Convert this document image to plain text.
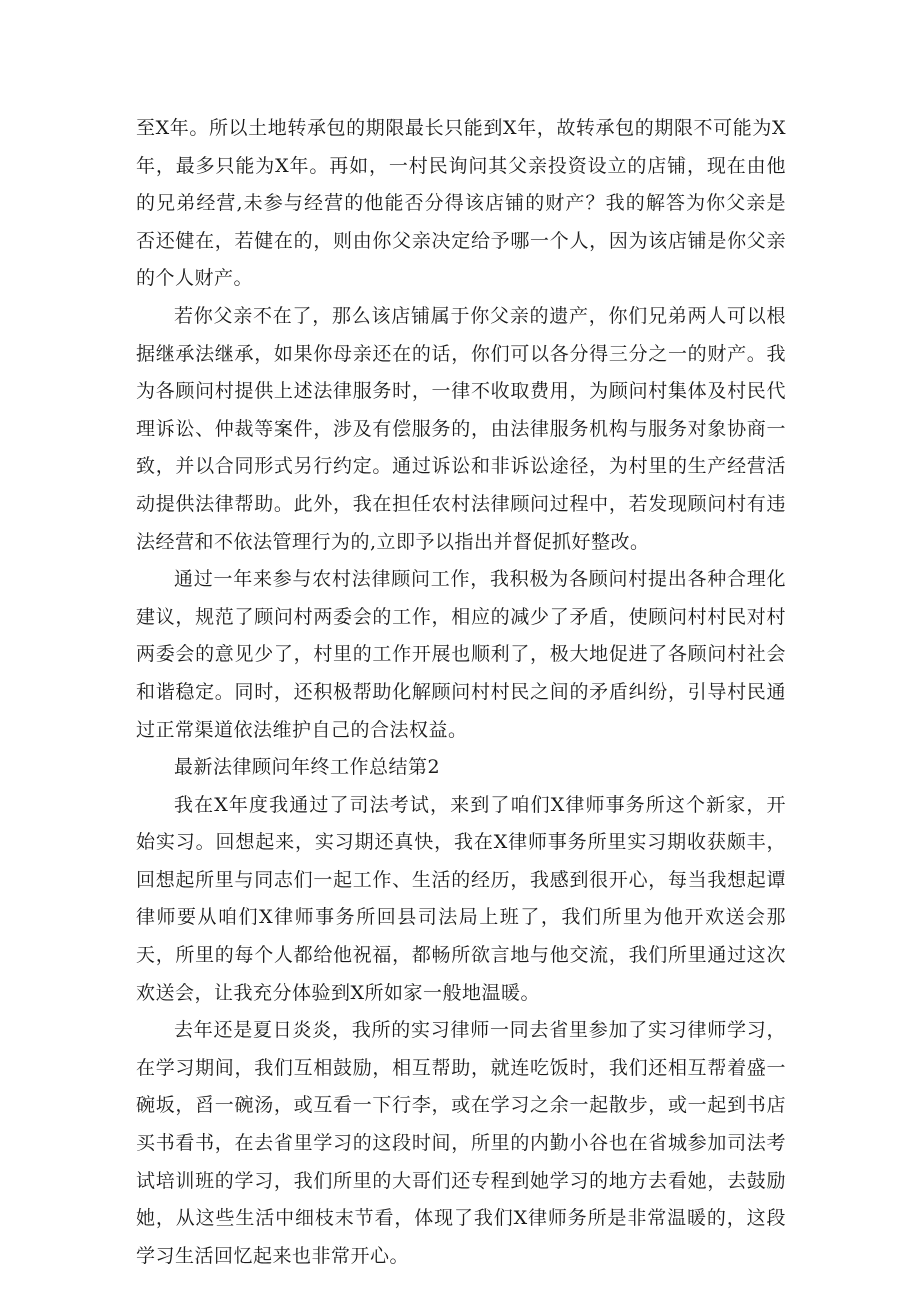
至X年。所以土地转承包的期限最长只能到X年，故转承包的期限不可能为X年，最多只能为X年。再如，一村民询问其父亲投资设立的店铺，现在由他的兄弟经营,未参与经营的他能否分得该店铺的财产？我的解答为你父亲是否还健在，若健在的，则由你父亲决定给予哪一个人，因为该店铺是你父亲的个人财产。

若你父亲不在了，那么该店铺属于你父亲的遗产，你们兄弟两人可以根据继承法继承，如果你母亲还在的话，你们可以各分得三分之一的财产。我为各顾问村提供上述法律服务时，一律不收取费用，为顾问村集体及村民代理诉讼、仲裁等案件，涉及有偿服务的，由法律服务机构与服务对象协商一致，并以合同形式另行约定。通过诉讼和非诉讼途径，为村里的生产经营活动提供法律帮助。此外，我在担任农村法律顾问过程中，若发现顾问村有违法经营和不依法管理行为的,立即予以指出并督促抓好整改。

通过一年来参与农村法律顾问工作，我积极为各顾问村提出各种合理化建议，规范了顾问村两委会的工作，相应的减少了矛盾，使顾问村村民对村两委会的意见少了，村里的工作开展也顺利了，极大地促进了各顾问村社会和谐稳定。同时，还积极帮助化解顾问村村民之间的矛盾纠纷，引导村民通过正常渠道依法维护自己的合法权益。

最新法律顾问年终工作总结第2

我在X年度我通过了司法考试，来到了咱们X律师事务所这个新家，开始实习。回想起来，实习期还真快，我在X律师事务所里实习期收获颇丰，回想起所里与同志们一起工作、生活的经历，我感到很开心，每当我想起谭律师要从咱们X律师事务所回县司法局上班了，我们所里为他开欢送会那天，所里的每个人都给他祝福，都畅所欲言地与他交流，我们所里通过这次欢送会，让我充分体验到X所如家一般地温暖。

去年还是夏日炎炎，我所的实习律师一同去省里参加了实习律师学习，在学习期间，我们互相鼓励，相互帮助，就连吃饭时，我们还相互帮着盛一碗坂，舀一碗汤，或互看一下行李，或在学习之余一起散步，或一起到书店买书看书，在去省里学习的这段时间，所里的内勤小谷也在省城参加司法考试培训班的学习，我们所里的大哥们还专程到她学习的地方去看她，去鼓励她，从这些生活中细枝末节看，体现了我们X律师务所是非常温暖的，这段学习生活回忆起来也非常开心。
